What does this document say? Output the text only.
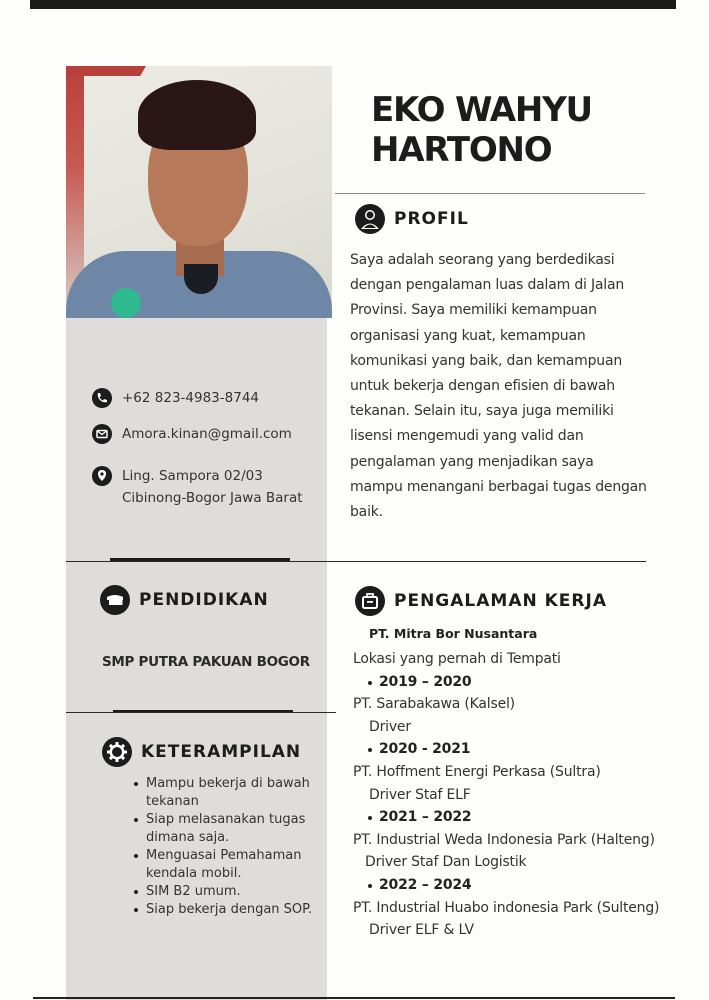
EKO WAHYU
HARTONO
PROFIL
Saya adalah seorang yang berdedikasi dengan pengalaman luas dalam di Jalan Provinsi. Saya memiliki kemampuan organisasi yang kuat, kemampuan komunikasi yang baik, dan kemampuan untuk bekerja dengan efisien di bawah tekanan. Selain itu, saya juga memiliki lisensi mengemudi yang valid dan pengalaman yang menjadikan saya mampu menangani berbagai tugas dengan baik.
+62 823-4983-8744
Amora.kinan@gmail.com
Ling. Sampora 02/03
Cibinong-Bogor Jawa Barat
PENDIDIKAN
SMP PUTRA PAKUAN BOGOR
KETERAMPILAN
Mampu bekerja di bawah tekanan
Siap melasanakan tugas dimana saja.
Menguasai Pemahaman kendala mobil.
SIM B2 umum.
Siap bekerja dengan SOP.
PENGALAMAN KERJA
PT. Mitra Bor Nusantara
Lokasi yang pernah di Tempati
2019 – 2020
PT. Sarabakawa (Kalsel)
Driver
2020 - 2021
PT. Hoffment Energi Perkasa (Sultra)
Driver Staf ELF
2021 – 2022
PT. Industrial Weda Indonesia Park (Halteng)
Driver Staf Dan Logistik
2022 – 2024
PT. Industrial Huabo indonesia Park (Sulteng)
Driver ELF & LV
